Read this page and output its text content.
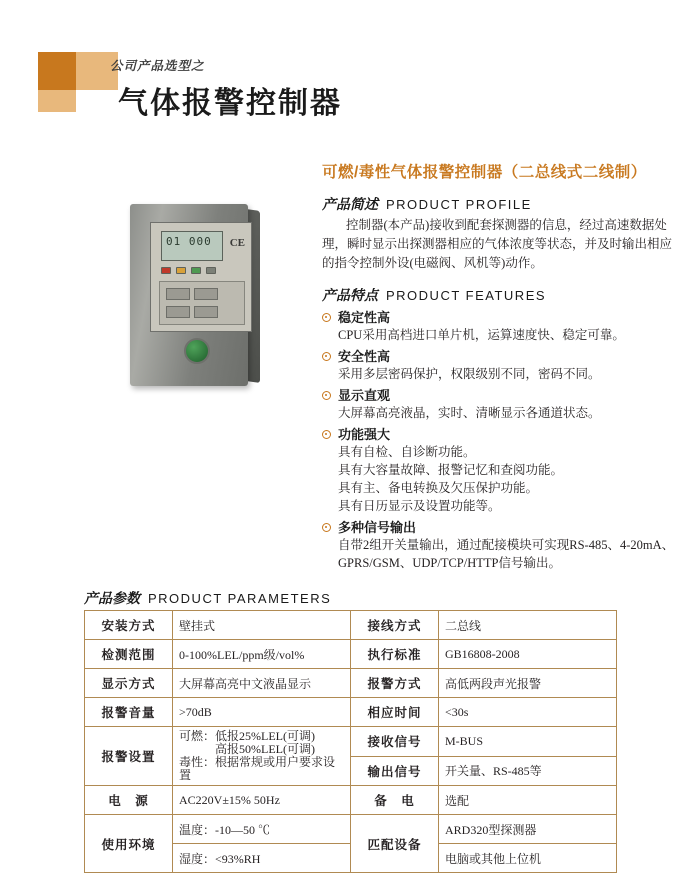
公司产品选型之
气体报警控制器
可燃/毒性气体报警控制器（二总线式二线制）
01 000	CE
产品简述 PRODUCT PROFILE
控制器(本产品)接收到配套探测器的信息，经过高速数据处理，瞬时显示出探测器相应的气体浓度等状态，并及时输出相应的指令控制外设(电磁阀、风机等)动作。
产品特点 PRODUCT FEATURES
稳定性高
CPU采用高档进口单片机，运算速度快、稳定可靠。
安全性高
采用多层密码保护，权限级别不同，密码不同。
显示直观
大屏幕高亮液晶，实时、清晰显示各通道状态。
功能强大
具有自检、自诊断功能。
具有大容量故障、报警记忆和查阅功能。
具有主、备电转换及欠压保护功能。
具有日历显示及设置功能等。
多种信号输出
自带2组开关量输出，通过配接模块可实现RS-485、4-20mA、
GPRS/GSM、UDP/TCP/HTTP信号输出。
产品参数 PRODUCT PARAMETERS
安装方式	壁挂式	接线方式	二总线
检测范围	0-100%LEL/ppm级/vol%	执行标准	GB16808-2008
显示方式	大屏幕高亮中文液晶显示	报警方式	高低两段声光报警
报警音量	>70dB	相应时间	<30s
报警设置	可燃：低报25%LEL(可调)
高报50%LEL(可调)
毒性：根据常规或用户要求设置	接收信号	M-BUS
		输出信号	开关量、RS-485等
电　源	AC220V±15% 50Hz	备　电	选配
使用环境	温度：-10—50 ℃	匹配设备	ARD320型探测器
	湿度：<93%RH		电脑或其他上位机
